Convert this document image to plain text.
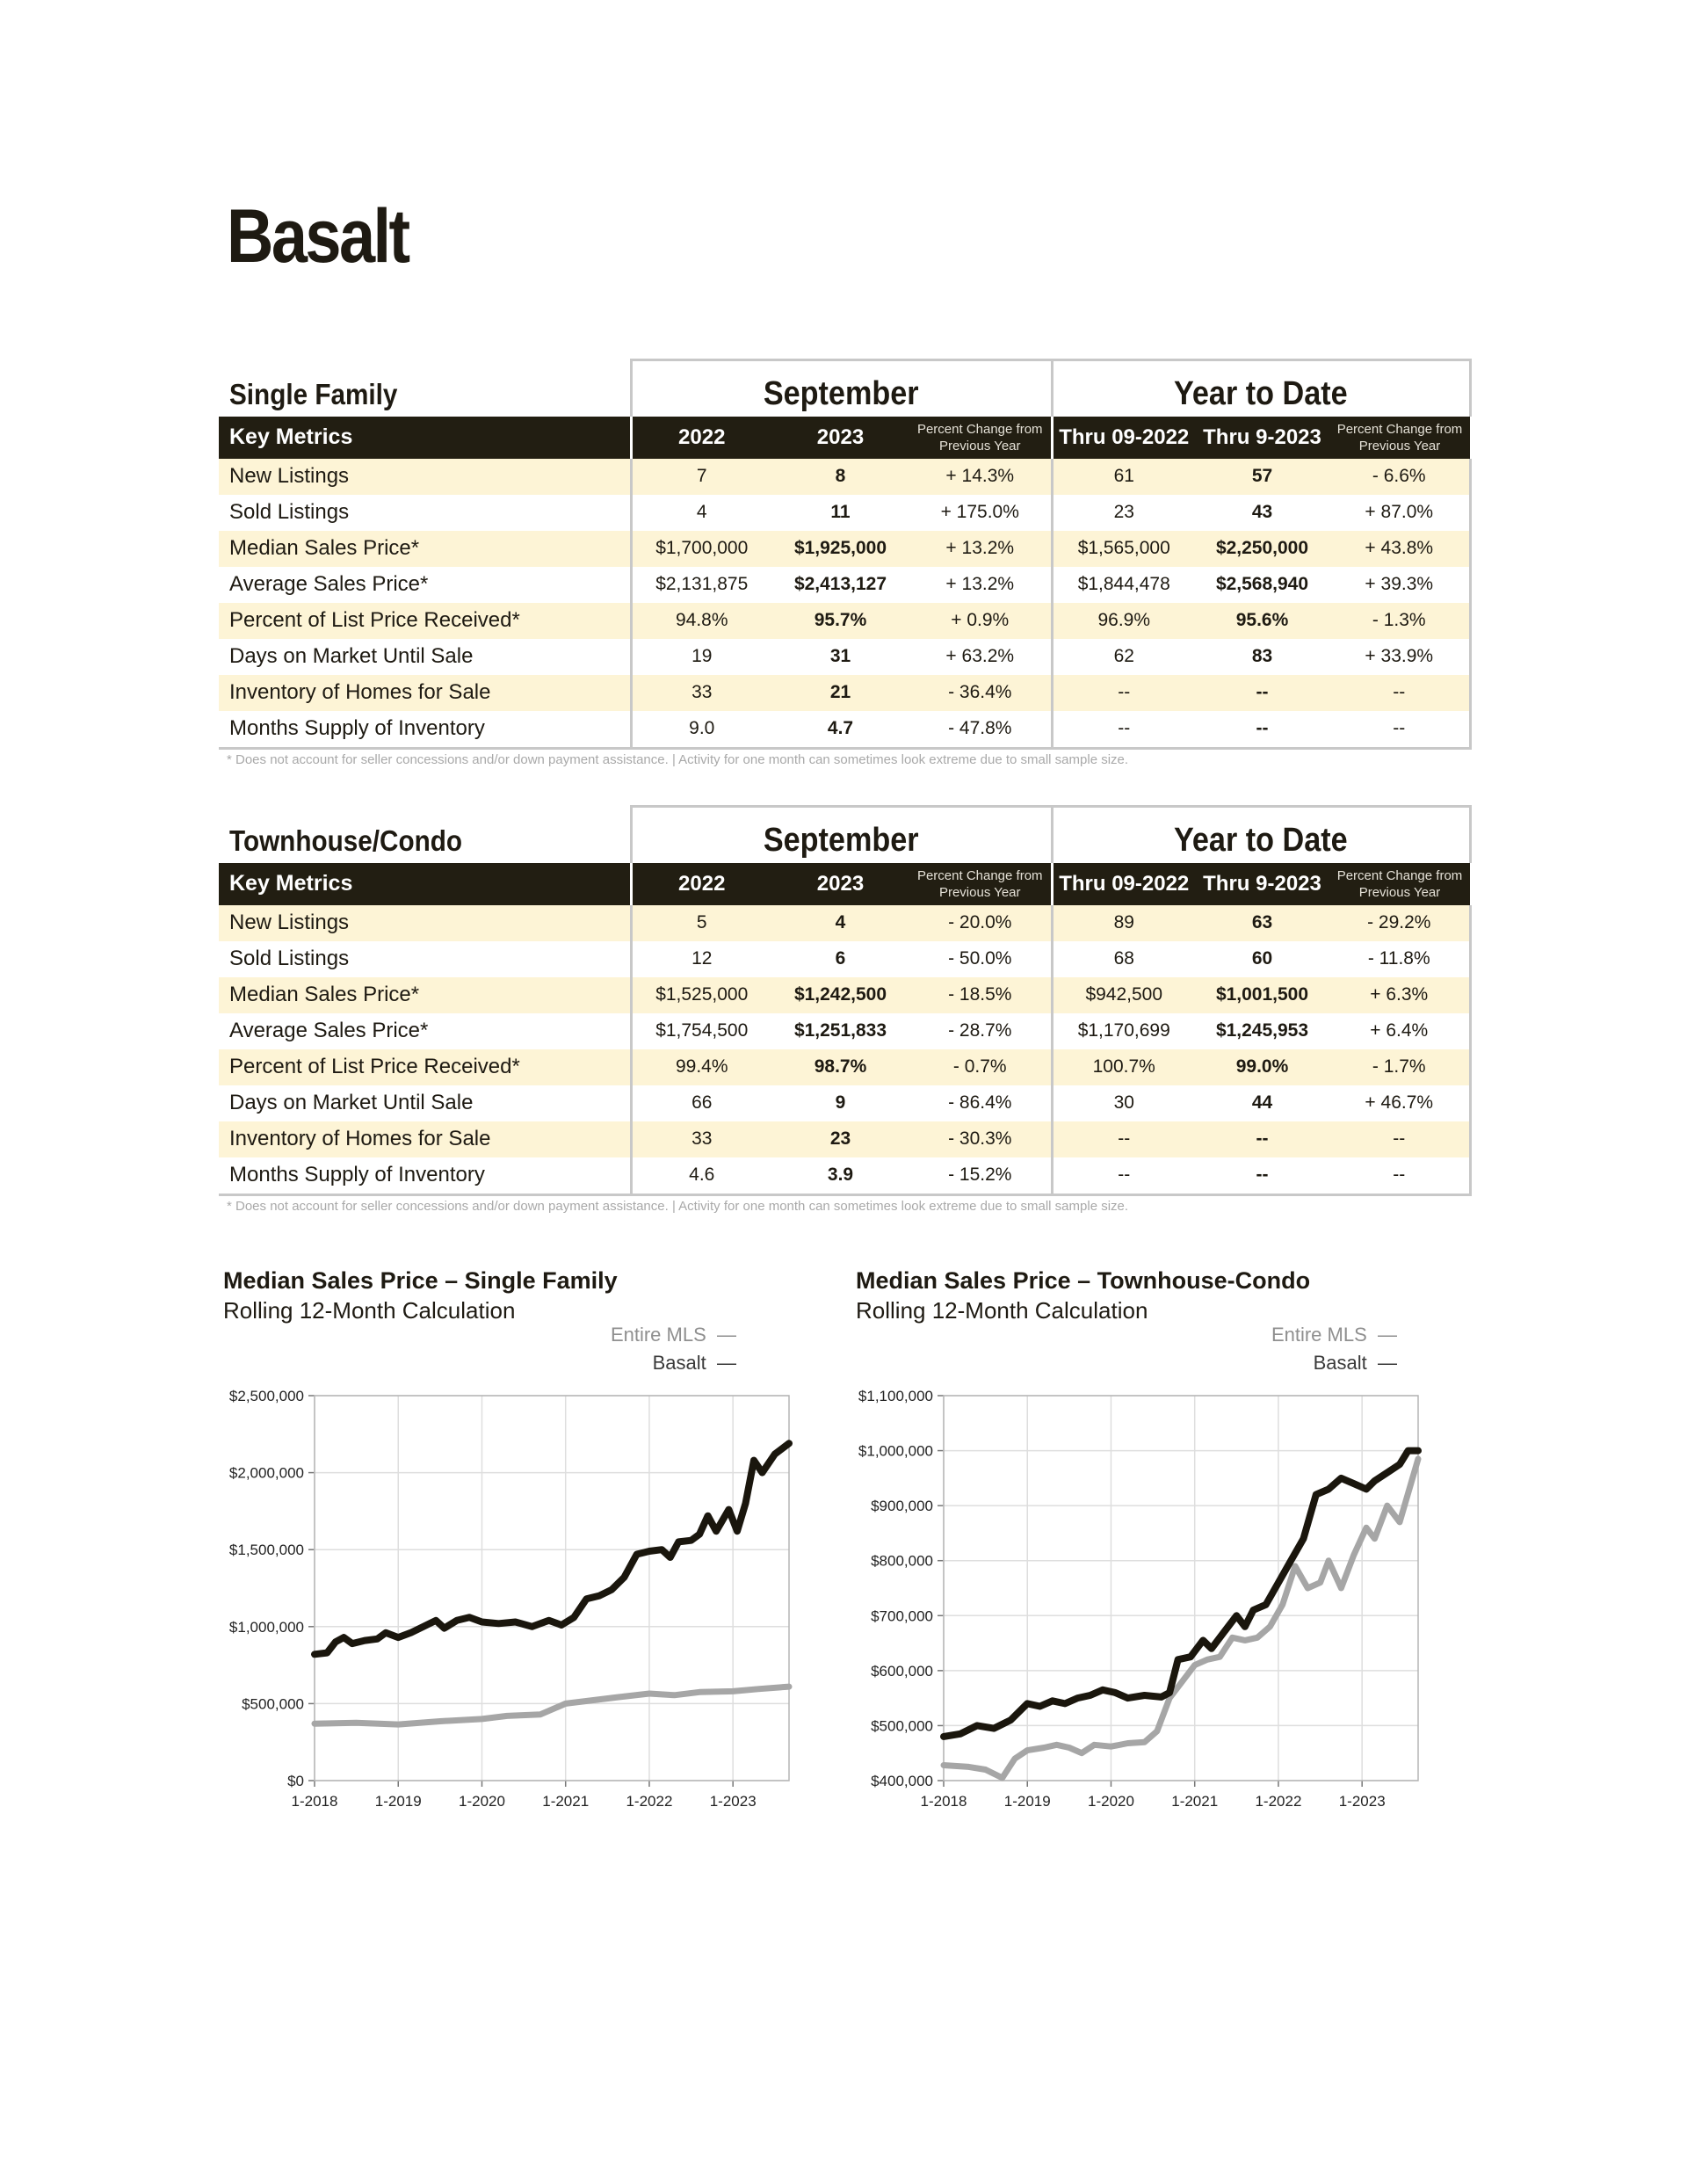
Basalt
Single Family	September			Year to Date		
Key Metrics	2022	2023	Percent Change from Previous Year	Thru 09-2022	Thru 9-2023	Percent Change from Previous Year
New Listings	7	8	+ 14.3%	61	57	- 6.6%
Sold Listings	4	11	+ 175.0%	23	43	+ 87.0%
Median Sales Price*	$1,700,000	$1,925,000	+ 13.2%	$1,565,000	$2,250,000	+ 43.8%
Average Sales Price*	$2,131,875	$2,413,127	+ 13.2%	$1,844,478	$2,568,940	+ 39.3%
Percent of List Price Received*	94.8%	95.7%	+ 0.9%	96.9%	95.6%	- 1.3%
Days on Market Until Sale	19	31	+ 63.2%	62	83	+ 33.9%
Inventory of Homes for Sale	33	21	- 36.4%	--	--	--
Months Supply of Inventory	9.0	4.7	- 47.8%	--	--	--

* Does not account for seller concessions and/or down payment assistance. | Activity for one month can sometimes look extreme due to small sample size.

Townhouse/Condo	September			Year to Date		
Key Metrics	2022	2023	Percent Change from Previous Year	Thru 09-2022	Thru 9-2023	Percent Change from Previous Year
New Listings	5	4	- 20.0%	89	63	- 29.2%
Sold Listings	12	6	- 50.0%	68	60	- 11.8%
Median Sales Price*	$1,525,000	$1,242,500	- 18.5%	$942,500	$1,001,500	+ 6.3%
Average Sales Price*	$1,754,500	$1,251,833	- 28.7%	$1,170,699	$1,245,953	+ 6.4%
Percent of List Price Received*	99.4%	98.7%	- 0.7%	100.7%	99.0%	- 1.7%
Days on Market Until Sale	66	9	- 86.4%	30	44	+ 46.7%
Inventory of Homes for Sale	33	23	- 30.3%	--	--	--
Months Supply of Inventory	4.6	3.9	- 15.2%	--	--	--

* Does not account for seller concessions and/or down payment assistance. | Activity for one month can sometimes look extreme due to small sample size.

Median Sales Price – Single Family

Rolling 12-Month Calculation

Entire MLS  —
Basalt  —
$0
$500,000
$1,000,000
$1,500,000
$2,000,000
$2,500,000
1-2018 1-2019 1-2020 1-2021 1-2022 1-2023

Median Sales Price – Townhouse-Condo

Rolling 12-Month Calculation

Entire MLS  —
Basalt  —
$400,000
$500,000
$600,000
$700,000
$800,000
$900,000
$1,000,000
$1,100,000
1-2018 1-2019 1-2020 1-2021 1-2022 1-2023
